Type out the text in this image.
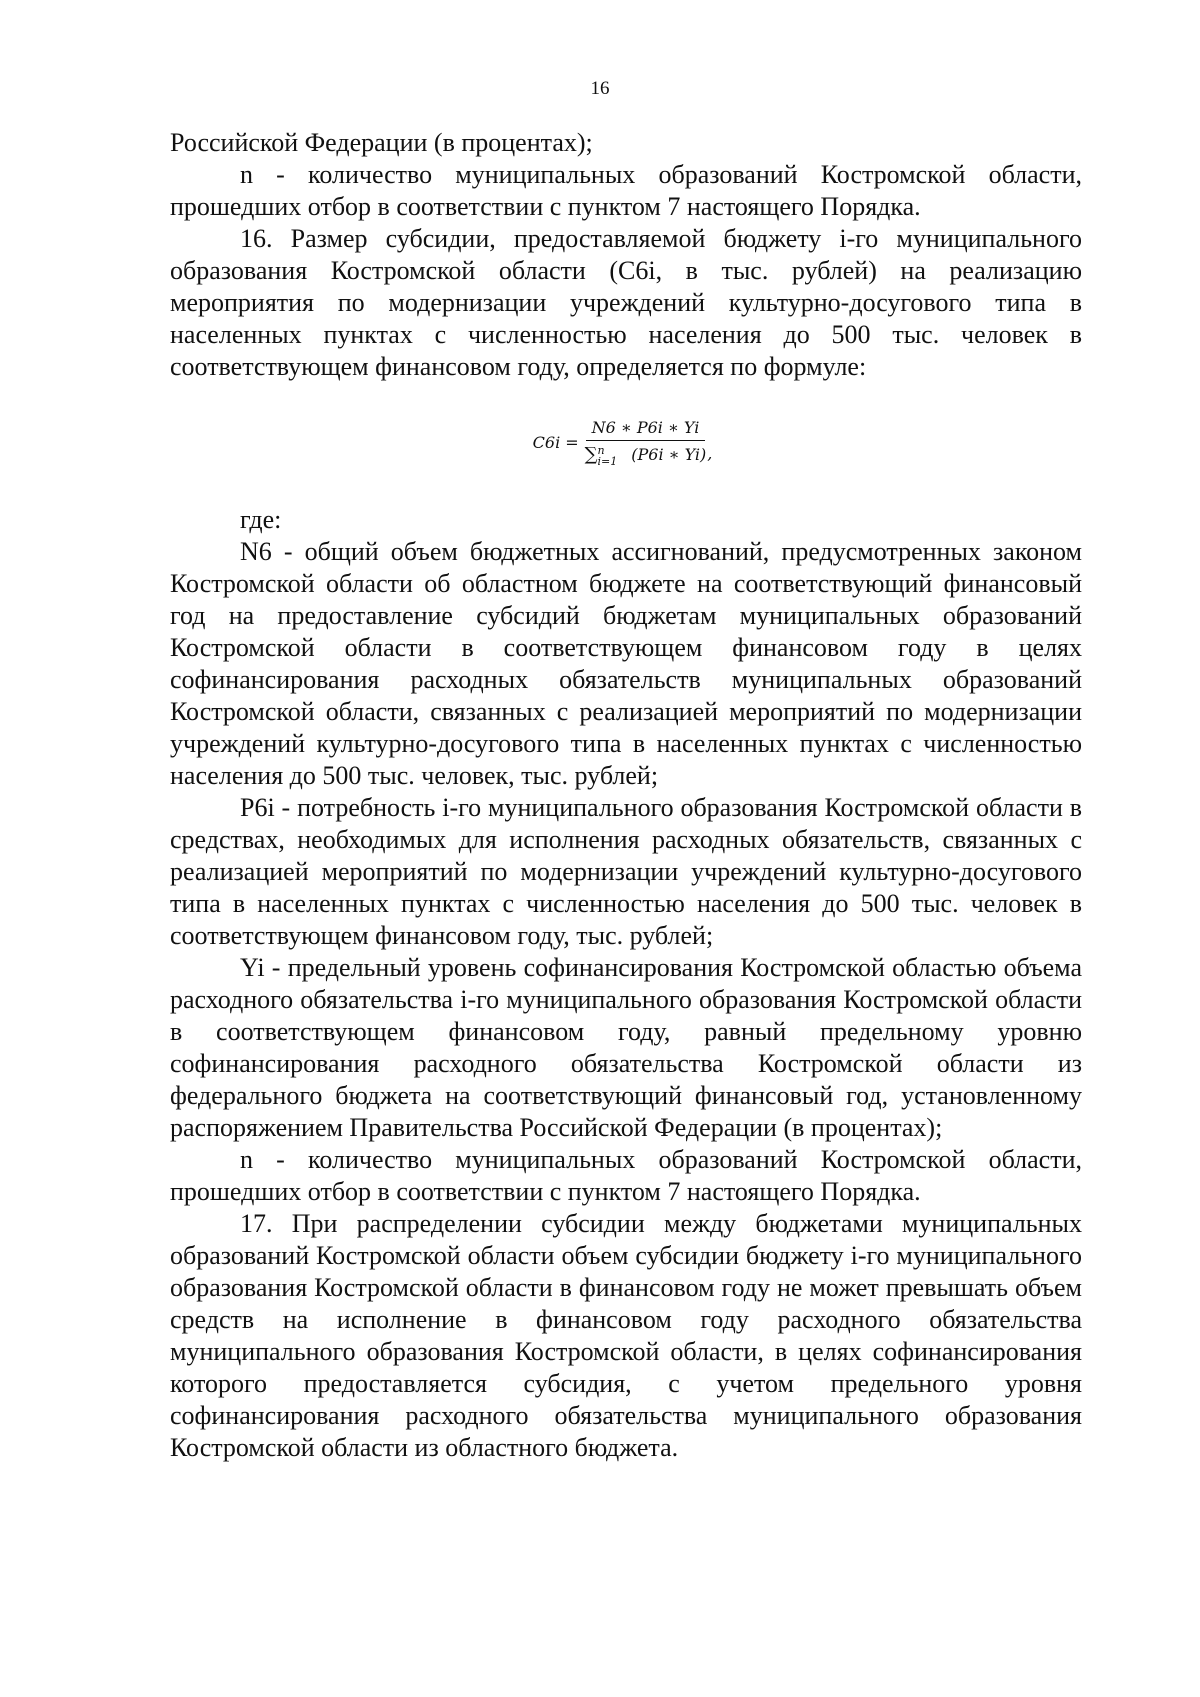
16

Российской Федерации (в процентах);

n - количество муниципальных образований Костромской области, прошедших отбор в соответствии с пунктом 7 настоящего Порядка.

16. Размер субсидии, предоставляемой бюджету i-го муниципального образования Костромской области (C6i, в тыс. рублей) на реализацию мероприятия по модернизации учреждений культурно-досугового типа в населенных пунктах с численностью населения до 500 тыс. человек в соответствующем финансовом году, определяется по формуле:

C6i = N6 ∗ P6i ∗ Yi
∑ n
i=1 (P6i ∗ Yi) ,

где:

N6 - общий объем бюджетных ассигнований, предусмотренных законом Костромской области об областном бюджете на соответствующий финансовый год на предоставление субсидий бюджетам муниципальных образований Костромской области в соответствующем финансовом году в целях софинансирования расходных обязательств муниципальных образований Костромской области, связанных с реализацией мероприятий по модернизации учреждений культурно-досугового типа в населенных пунктах с численностью населения до 500 тыс. человек, тыс. рублей;

P6i - потребность i-го муниципального образования Костромской области в средствах, необходимых для исполнения расходных обязательств, связанных с реализацией мероприятий по модернизации учреждений культурно-досугового типа в населенных пунктах с численностью населения до 500 тыс. человек в соответствующем финансовом году, тыс. рублей;

Yi - предельный уровень софинансирования Костромской областью объема расходного обязательства i-го муниципального образования Костромской области в соответствующем финансовом году, равный предельному уровню софинансирования расходного обязательства Костромской области из федерального бюджета на соответствующий финансовый год, установленному распоряжением Правительства Российской Федерации (в процентах);

n - количество муниципальных образований Костромской области, прошедших отбор в соответствии с пунктом 7 настоящего Порядка.

17. При распределении субсидии между бюджетами муниципальных образований Костромской области объем субсидии бюджету i-го муниципального образования Костромской области в финансовом году не может превышать объем средств на исполнение в финансовом году расходного обязательства муниципального образования Костромской области, в целях софинансирования которого предоставляется субсидия, с учетом предельного уровня софинансирования расходного обязательства муниципального образования Костромской области из областного бюджета.
